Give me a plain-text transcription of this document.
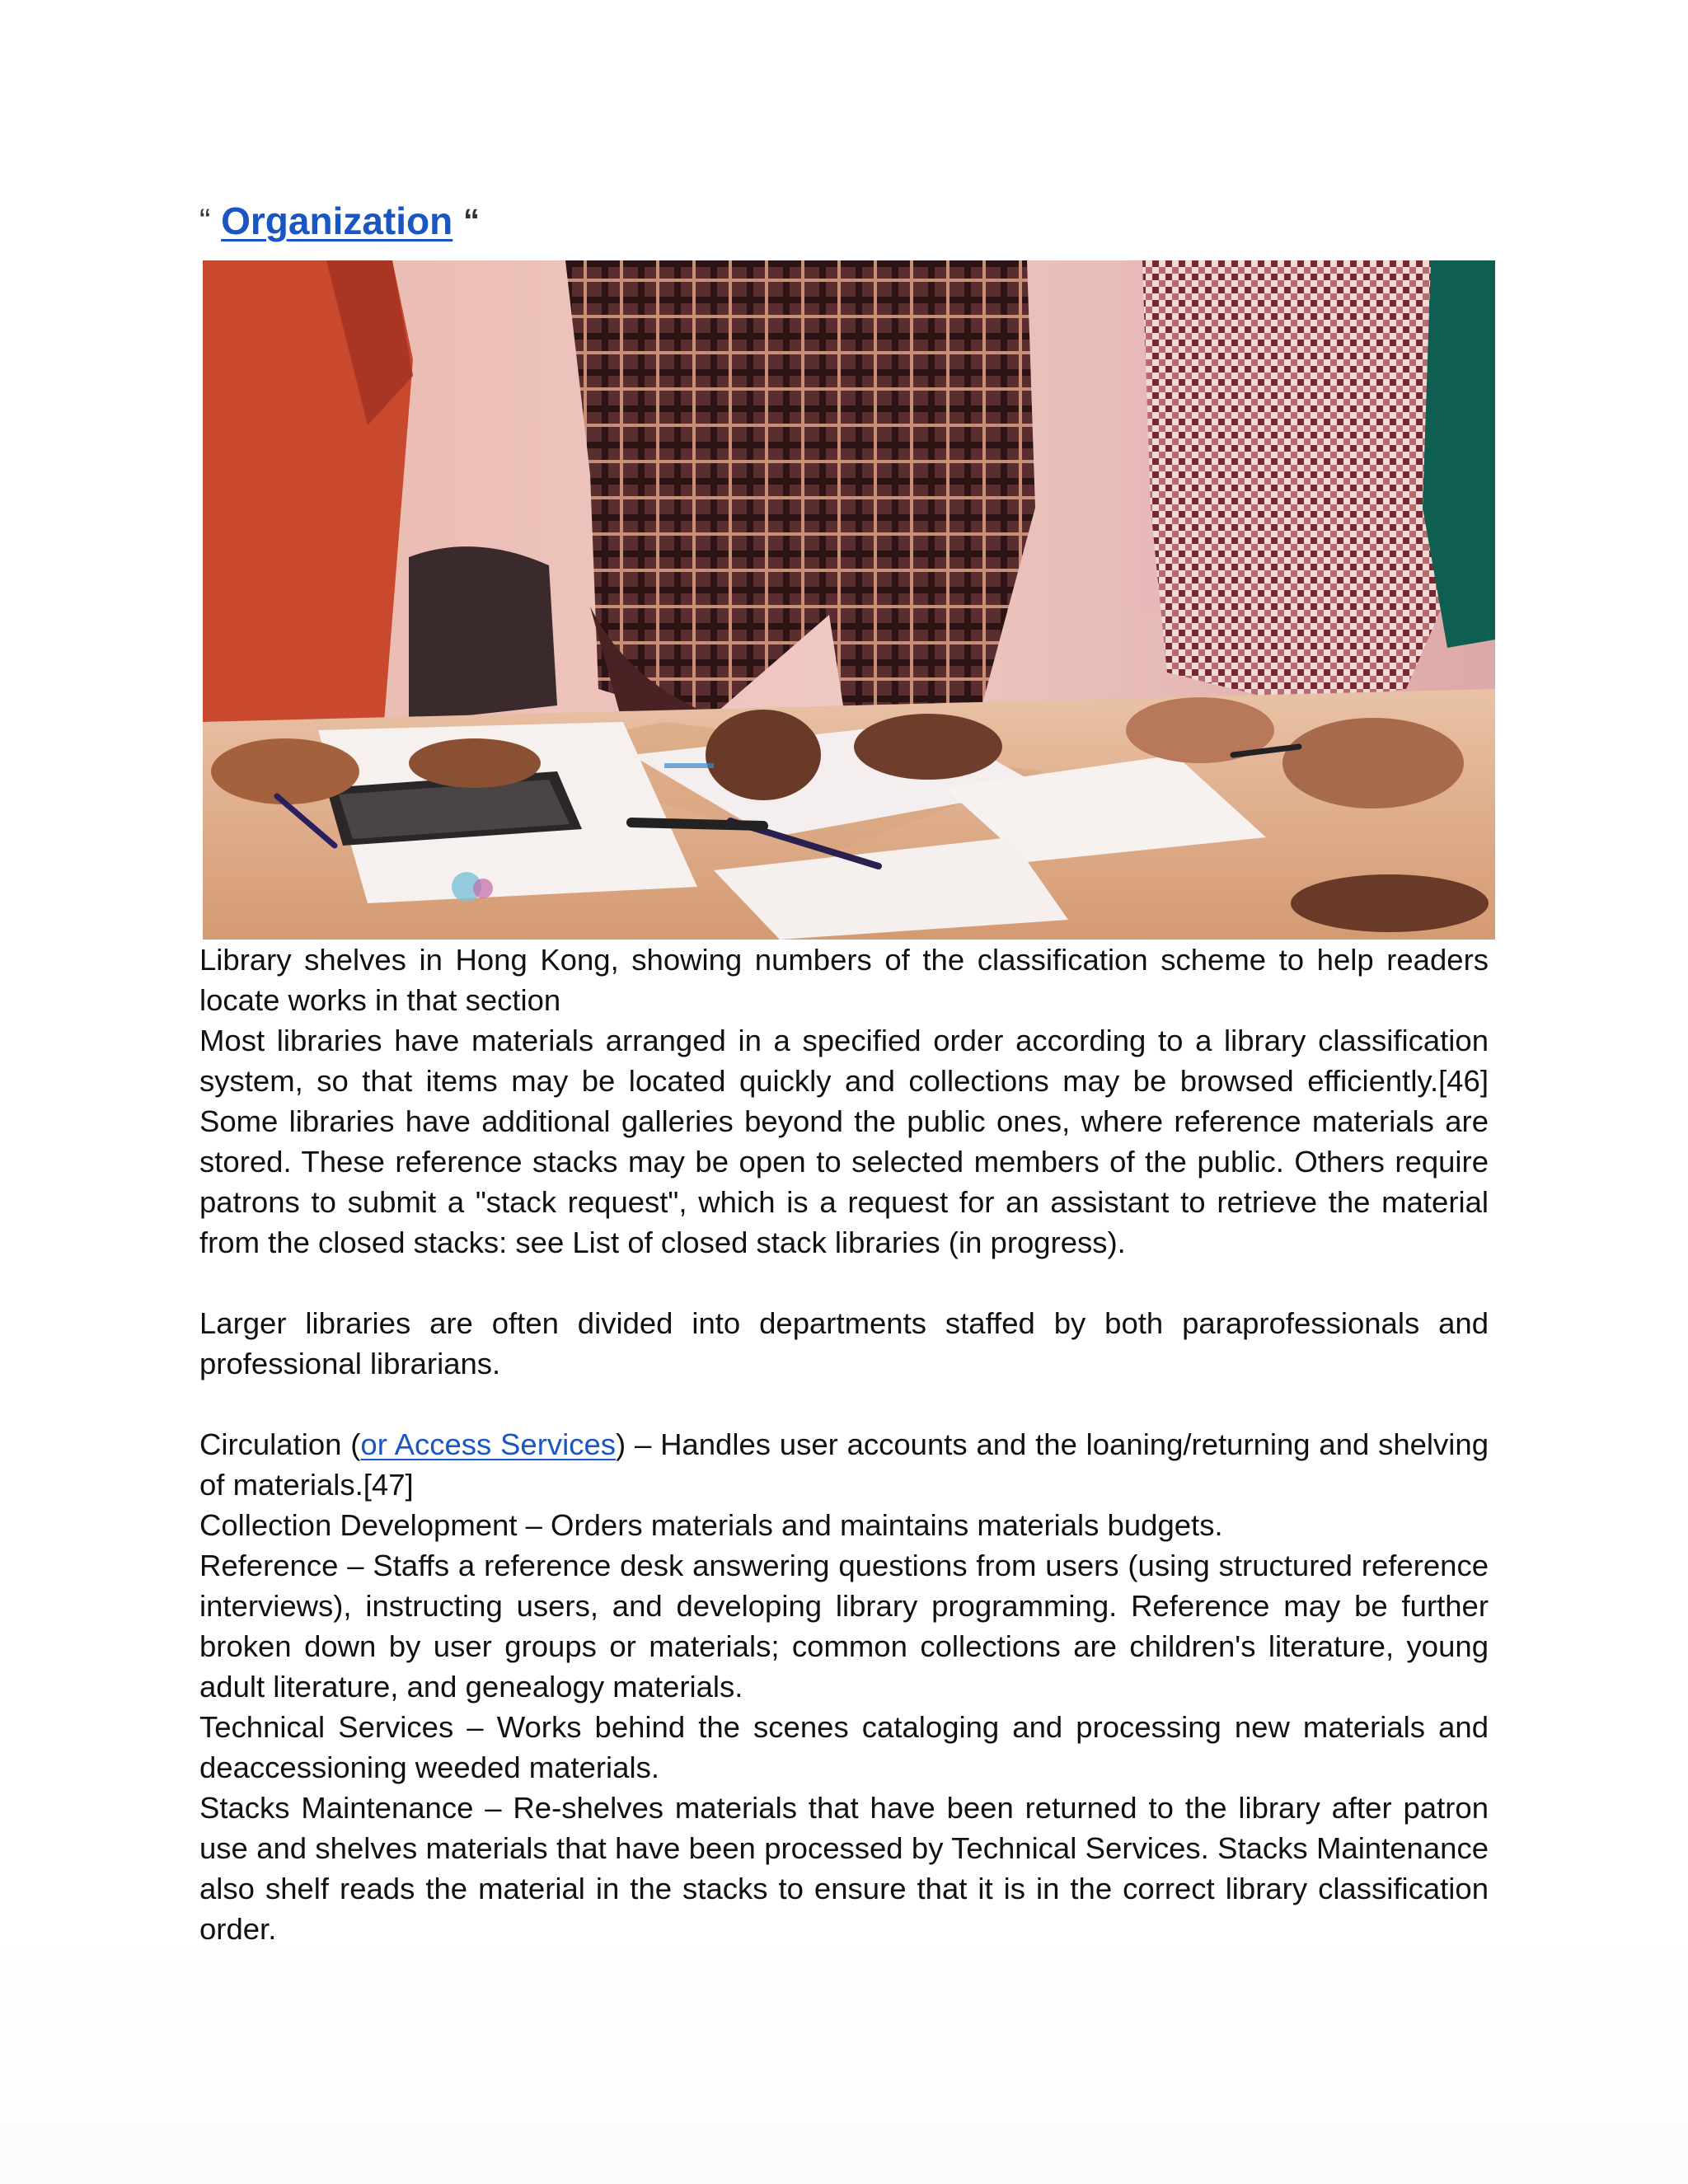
“ Organization “

Library shelves in Hong Kong, showing numbers of the classification scheme to help readers locate works in that section

Most libraries have materials arranged in a specified order according to a library classification system, so that items may be located quickly and collections may be browsed efficiently.[46] Some libraries have additional galleries beyond the public ones, where reference materials are stored. These reference stacks may be open to selected members of the public. Others require patrons to submit a "stack request", which is a request for an assistant to retrieve the material from the closed stacks: see List of closed stack libraries (in progress).

Larger libraries are often divided into departments staffed by both paraprofessionals and professional librarians.

Circulation (or Access Services) – Handles user accounts and the loaning/returning and shelving of materials.[47]

Collection Development – Orders materials and maintains materials budgets.

Reference – Staffs a reference desk answering questions from users (using structured reference interviews), instructing users, and developing library programming. Reference may be further broken down by user groups or materials; common collections are children's literature, young adult literature, and genealogy materials.

Technical Services – Works behind the scenes cataloging and processing new materials and deaccessioning weeded materials.

Stacks Maintenance – Re-shelves materials that have been returned to the library after patron use and shelves materials that have been processed by Technical Services. Stacks Maintenance also shelf reads the material in the stacks to ensure that it is in the correct library classification order.
